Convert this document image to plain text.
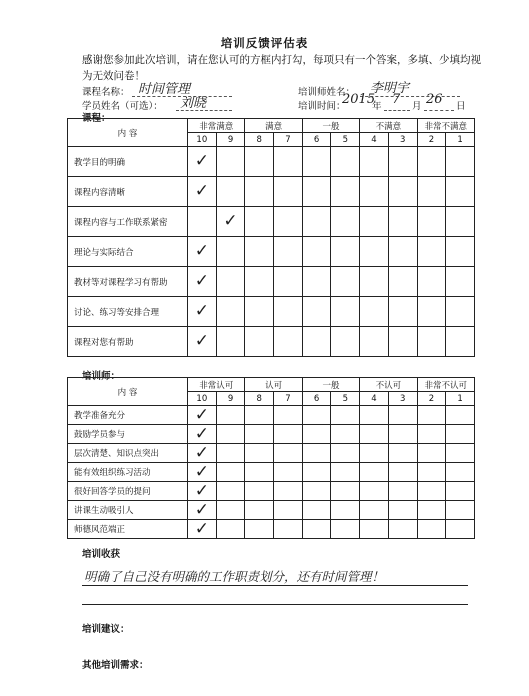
培训反馈评估表
感谢您参加此次培训，请在您认可的方框内打勾，每项只有一个答案，多填、少填均视
为无效问卷！
课程名称： 时间管理	培训师姓名： 李明宇
学员姓名（可选）： 刘晓	培训时间：
2015
年 7 月 26 日
课程：
内 容	非常满意		满意		一般		不满意		非常不满意	
	10	9	8	7	6	5	4	3	2	1
教学目的明确	✓									
课程内容清晰	✓									
课程内容与工作联系紧密		✓								
理论与实际结合	✓									
教材等对课程学习有帮助	✓									
讨论、练习等安排合理	✓									
课程对您有帮助	✓									
培训师：
内 容	非常认可		认可		一般		不认可		非常不认可	
	10	9	8	7	6	5	4	3	2	1
教学准备充分	✓									
鼓励学员参与	✓									
层次清楚、知识点突出	✓									
能有效组织练习活动	✓									
很好回答学员的提问	✓									
讲课生动吸引人	✓									
师德风范端正	✓									
培训收获
明确了自己没有明确的工作职责划分，还有时间管理！
培训建议：
其他培训需求：
